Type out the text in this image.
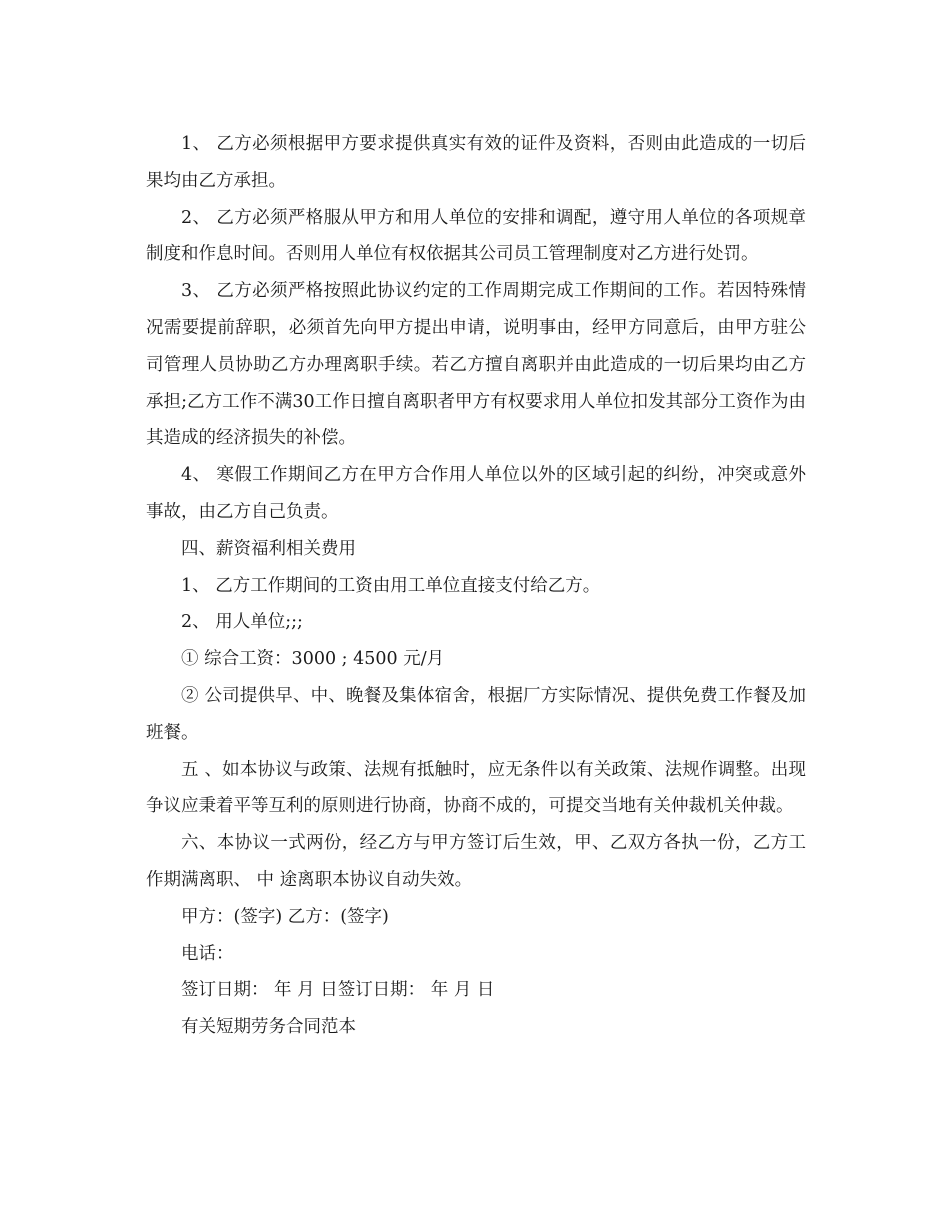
1、 乙方必须根据甲方要求提供真实有效的证件及资料，否则由此造成的一切后果均由乙方承担。

2、 乙方必须严格服从甲方和用人单位的安排和调配，遵守用人单位的各项规章制度和作息时间。否则用人单位有权依据其公司员工管理制度对乙方进行处罚。

3、 乙方必须严格按照此协议约定的工作周期完成工作期间的工作。若因特殊情况需要提前辞职，必须首先向甲方提出申请，说明事由，经甲方同意后，由甲方驻公司管理人员协助乙方办理离职手续。若乙方擅自离职并由此造成的一切后果均由乙方承担;乙方工作不满30工作日擅自离职者甲方有权要求用人单位扣发其部分工资作为由其造成的经济损失的补偿。

4、 寒假工作期间乙方在甲方合作用人单位以外的区域引起的纠纷，冲突或意外事故，由乙方自己负责。

四、薪资福利相关费用

1、 乙方工作期间的工资由用工单位直接支付给乙方。

2、 用人单位;;;

① 综合工资：3000 ; 4500 元/月

② 公司提供早、中、晚餐及集体宿舍，根据厂方实际情况、提供免费工作餐及加班餐。

五 、如本协议与政策、法规有抵触时，应无条件以有关政策、法规作调整。出现争议应秉着平等互利的原则进行协商，协商不成的，可提交当地有关仲裁机关仲裁。

六、本协议一式两份，经乙方与甲方签订后生效，甲、乙双方各执一份，乙方工作期满离职、 中 途离职本协议自动失效。

甲方：(签字) 乙方：(签字)

电话：

签订日期： 年 月 日签订日期： 年 月 日

有关短期劳务合同范本
